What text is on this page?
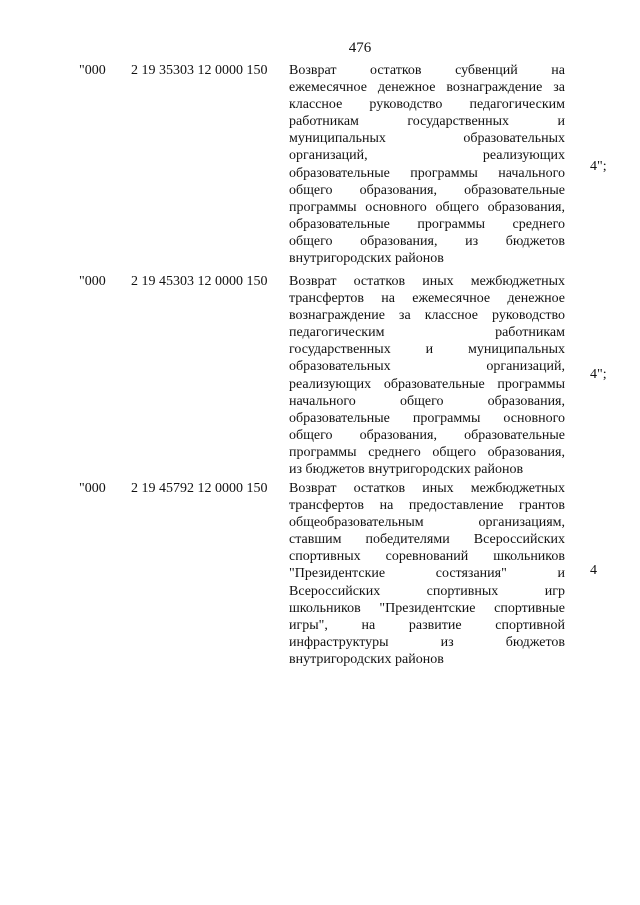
476
"000 2 19 35303 12 0000 150 Возврат остатков субвенций на
ежемесячное денежное вознаграждение за
классное руководство педагогическим
работникам государственных и
муниципальных образовательных
организаций, реализующих
образовательные программы начального
общего образования, образовательные
программы основного общего образования,
образовательные программы среднего
общего образования, из бюджетов
внутригородских районов
4";
"000 2 19 45303 12 0000 150 Возврат остатков иных межбюджетных
трансфертов на ежемесячное денежное
вознаграждение за классное руководство
педагогическим работникам
государственных и муниципальных
образовательных организаций,
реализующих образовательные программы
начального общего образования,
образовательные программы основного
общего образования, образовательные
программы среднего общего образования,
из бюджетов внутригородских районов
4";
"000 2 19 45792 12 0000 150 Возврат остатков иных межбюджетных
трансфертов на предоставление грантов
общеобразовательным организациям,
ставшим победителями Всероссийских
спортивных соревнований школьников
"Президентские состязания" и
Всероссийских спортивных игр
школьников "Президентские спортивные
игры", на развитие спортивной
инфраструктуры из бюджетов
внутригородских районов
4
